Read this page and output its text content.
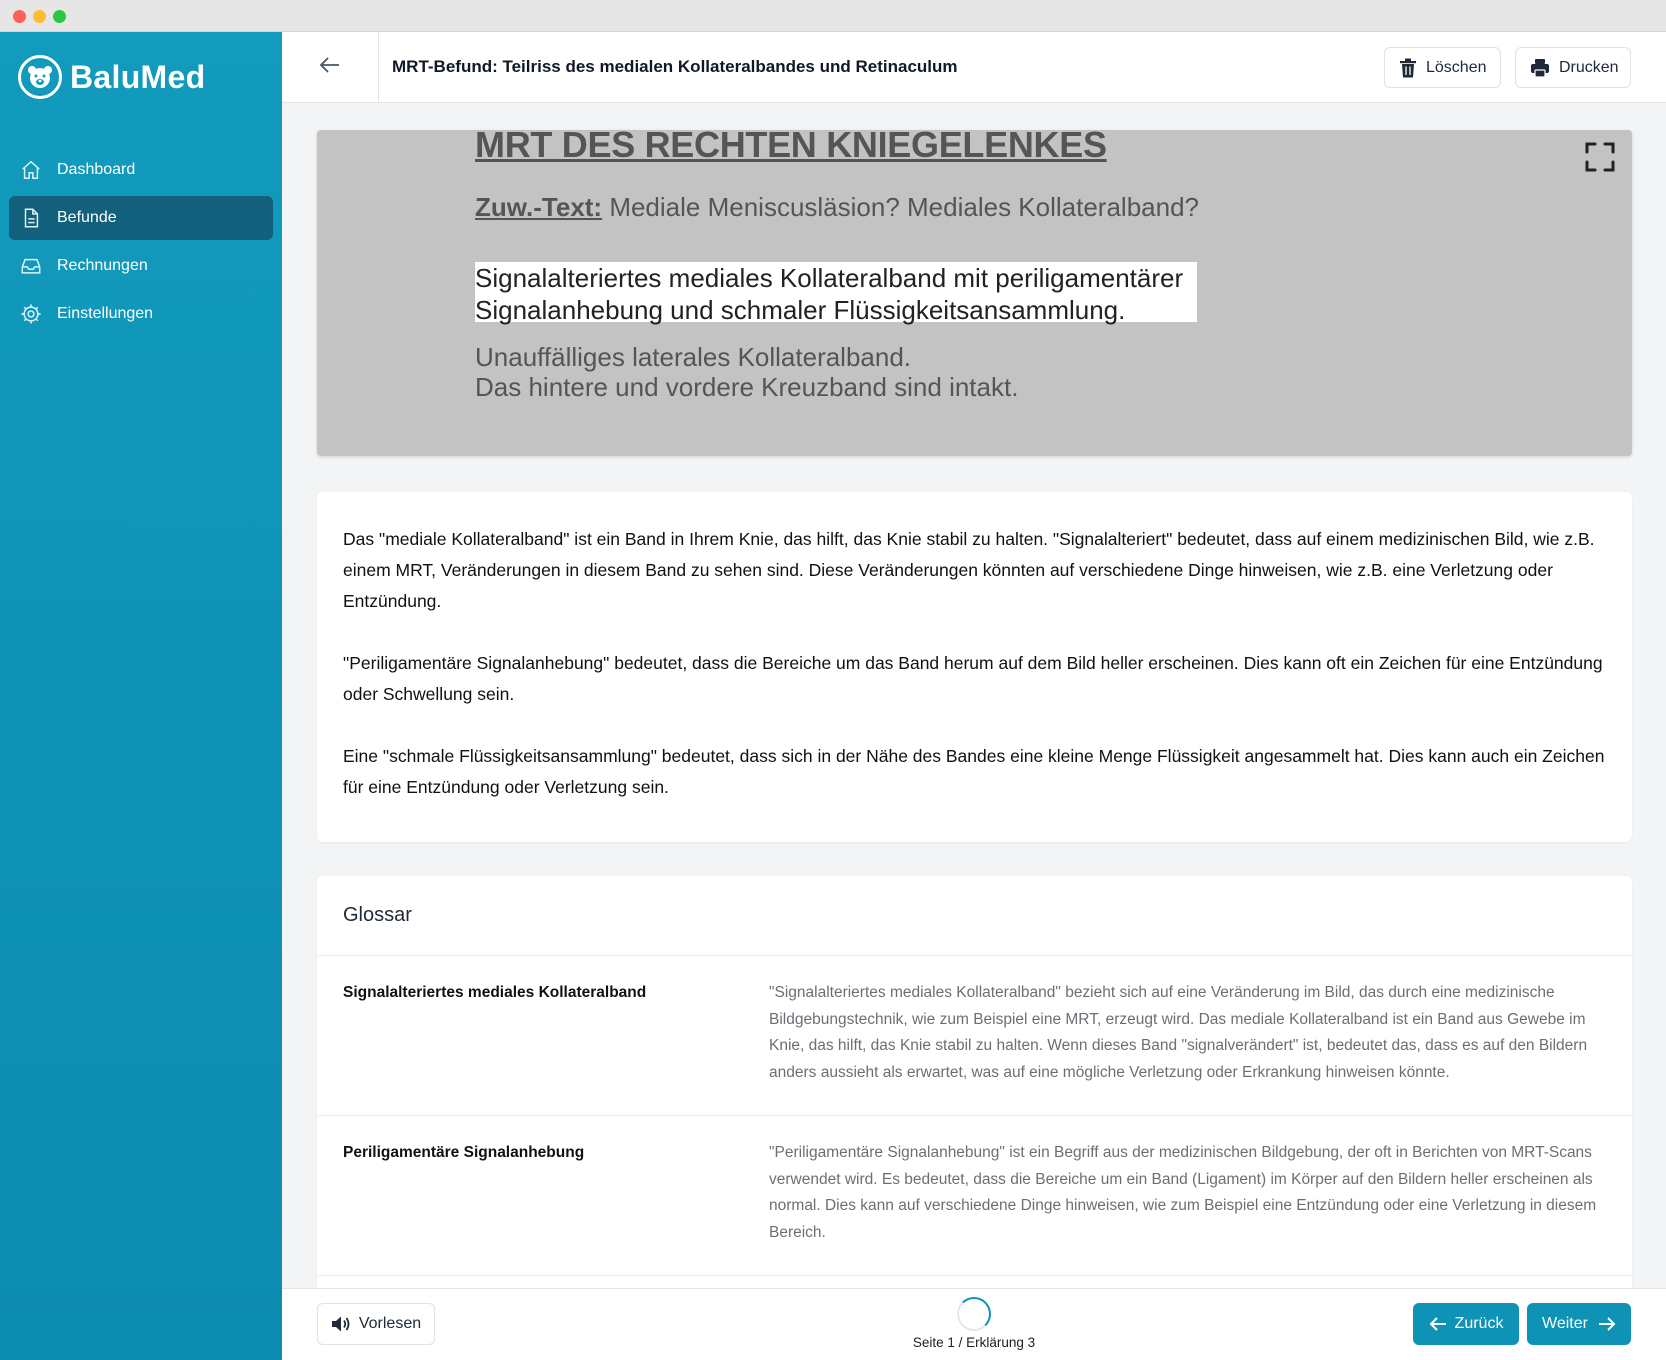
BaluMed
Dashboard
Befunde
Rechnungen
Einstellungen
MRT-Befund: Teilriss des medialen Kollateralbandes und Retinaculum	Löschen	Drucken
MRT DES RECHTEN KNIEGELENKES
Zuw.-Text: Mediale Meniscusläsion? Mediales Kollateralband?
Signalalteriertes mediales Kollateralband mit periligamentärer
Signalanhebung und schmaler Flüssigkeitsansammlung.
Unauffälliges laterales Kollateralband.
Das hintere und vordere Kreuzband sind intakt.

Das "mediale Kollateralband" ist ein Band in Ihrem Knie, das hilft, das Knie stabil zu halten. "Signalalteriert" bedeutet, dass auf einem medizinischen Bild, wie z.B. einem MRT, Veränderungen in diesem Band zu sehen sind. Diese Veränderungen könnten auf verschiedene Dinge hinweisen, wie z.B. eine Verletzung oder Entzündung.

"Periligamentäre Signalanhebung" bedeutet, dass die Bereiche um das Band herum auf dem Bild heller erscheinen. Dies kann oft ein Zeichen für eine Entzündung oder Schwellung sein.

Eine "schmale Flüssigkeitsansammlung" bedeutet, dass sich in der Nähe des Bandes eine kleine Menge Flüssigkeit angesammelt hat. Dies kann auch ein Zeichen für eine Entzündung oder Verletzung sein.

Glossar
Signalalteriertes mediales Kollateralband	"Signalalteriertes mediales Kollateralband" bezieht sich auf eine Veränderung im Bild, das durch eine medizinische Bildgebungstechnik, wie zum Beispiel eine MRT, erzeugt wird. Das mediale Kollateralband ist ein Band aus Gewebe im Knie, das hilft, das Knie stabil zu halten. Wenn dieses Band "signalverändert" ist, bedeutet das, dass es auf den Bildern anders aussieht als erwartet, was auf eine mögliche Verletzung oder Erkrankung hinweisen könnte.
Periligamentäre Signalanhebung	"Periligamentäre Signalanhebung" ist ein Begriff aus der medizinischen Bildgebung, der oft in Berichten von MRT-Scans verwendet wird. Es bedeutet, dass die Bereiche um ein Band (Ligament) im Körper auf den Bildern heller erscheinen als normal. Dies kann auf verschiedene Dinge hinweisen, wie zum Beispiel eine Entzündung oder eine Verletzung in diesem Bereich.
Vorlesen
Seite 1 / Erklärung 3
Zurück Weiter
